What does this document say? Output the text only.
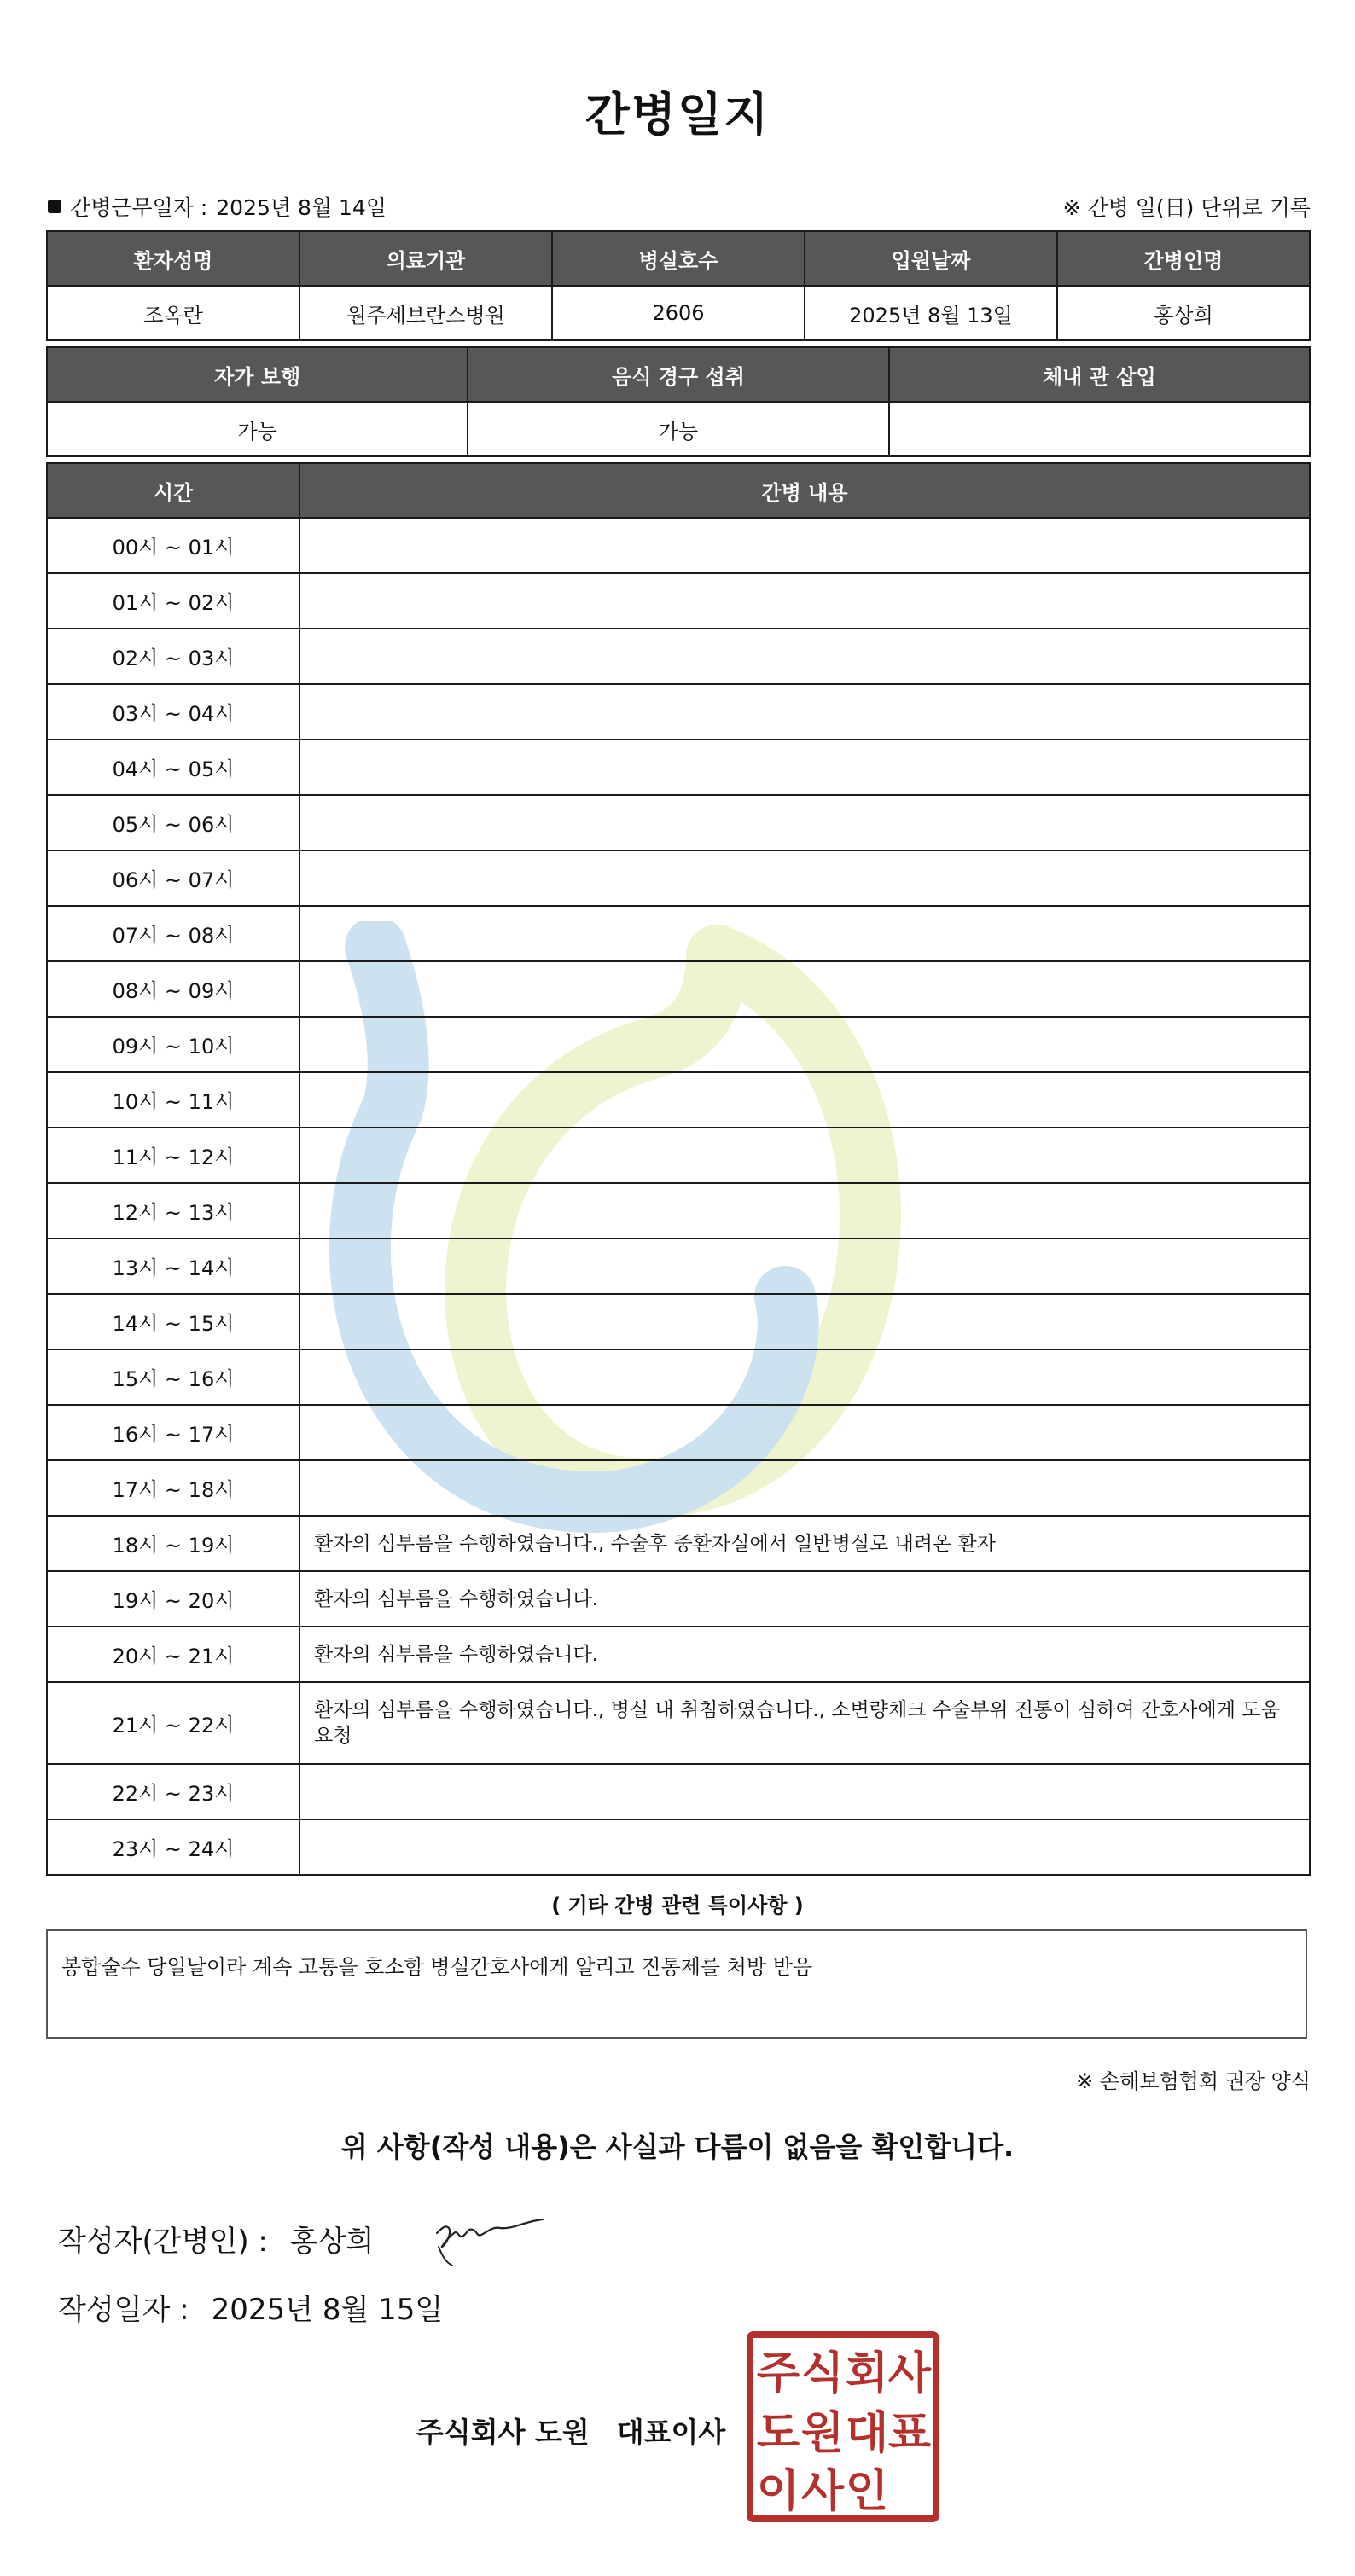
간병일지
간병근무일자 : 2025년 8월 14일	※ 간병 일(日) 단위로 기록
환자성명	의료기관	병실호수	입원날짜	간병인명
조옥란	원주세브란스병원	2606	2025년 8월 13일	홍상희
자가 보행	음식 경구 섭취	체내 관 삽입
가능	가능	
시간	간병 내용
00시 ~ 01시	
01시 ~ 02시	
02시 ~ 03시	
03시 ~ 04시	
04시 ~ 05시	
05시 ~ 06시	
06시 ~ 07시	
07시 ~ 08시	
08시 ~ 09시	
09시 ~ 10시	
10시 ~ 11시	
11시 ~ 12시	
12시 ~ 13시	
13시 ~ 14시	
14시 ~ 15시	
15시 ~ 16시	
16시 ~ 17시	
17시 ~ 18시	
18시 ~ 19시	환자의 심부름을 수행하였습니다., 수술후 중환자실에서 일반병실로 내려온 환자
19시 ~ 20시	환자의 심부름을 수행하였습니다.
20시 ~ 21시	환자의 심부름을 수행하였습니다.
21시 ~ 22시	환자의 심부름을 수행하였습니다., 병실 내 취침하였습니다., 소변량체크 수술부위 진통이 심하여 간호사에게 도움 요청
22시 ~ 23시	
23시 ~ 24시	
( 기타 간병 관련 특이사항 )
봉합술수 당일날이라 계속 고통을 호소함 병실간호사에게 알리고 진통제를 처방 받음
※ 손해보험협회 권장 양식
위 사항(작성 내용)은 사실과 다름이 없음을 확인합니다.
작성자(간병인) : 홍상희
작성일자 : 2025년 8월 15일
주식회사 도원 대표이사
주 식 회 사
도 원 대 표
이 사 인
